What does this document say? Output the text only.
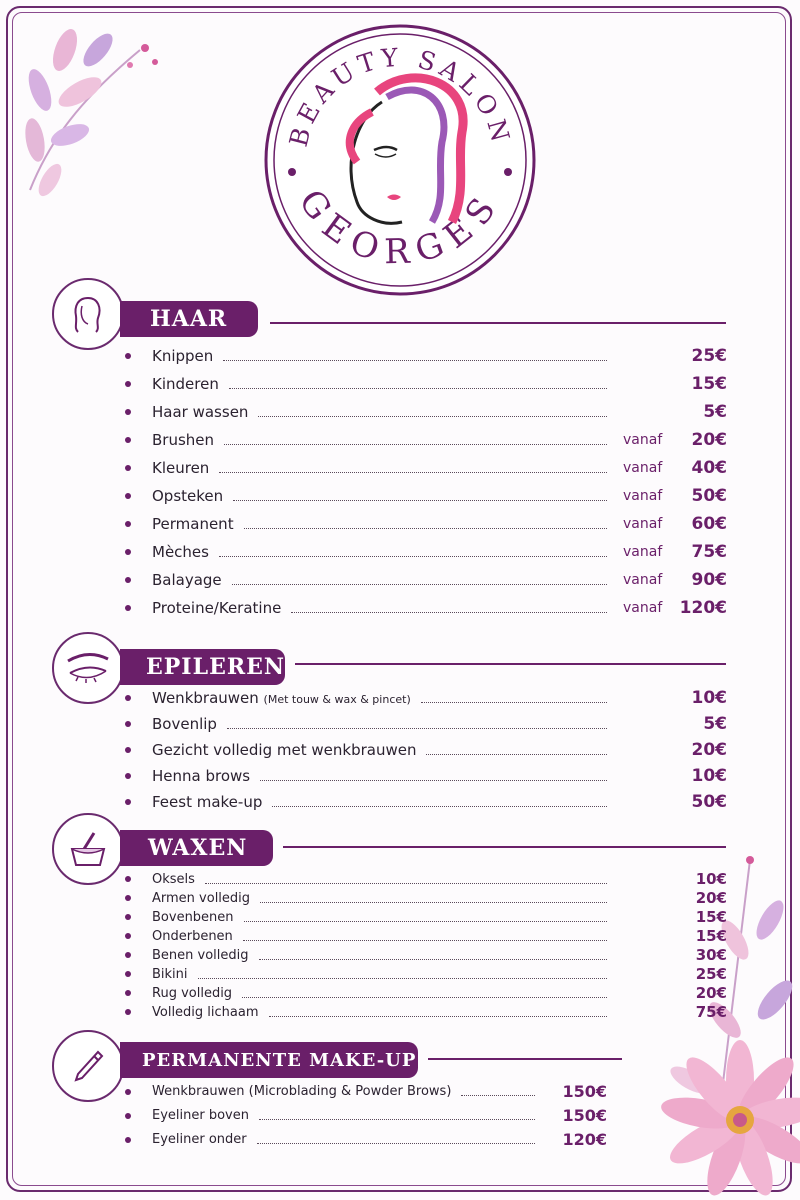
BEAUTY SALON
GEORGES
HAAR
Knippen	25€
Kinderen	15€
Haar wassen	5€
Brushen	vanaf	20€
Kleuren	vanaf	40€
Opsteken	vanaf	50€
Permanent	vanaf	60€
Mèches	vanaf	75€
Balayage	vanaf	90€
Proteine/Keratine	vanaf	120€
EPILEREN
Wenkbrauwen (Met touw & wax & pincet)	10€
Bovenlip	5€
Gezicht volledig met wenkbrauwen	20€
Henna brows	10€
Feest make-up	50€
WAXEN
Oksels	10€
Armen volledig	20€
Bovenbenen	15€
Onderbenen	15€
Benen volledig	30€
Bikini	25€
Rug volledig	20€
Volledig lichaam	75€
PERMANENTE MAKE-UP
Wenkbrauwen (Microblading & Powder Brows)	150€
Eyeliner boven	150€
Eyeliner onder	120€
